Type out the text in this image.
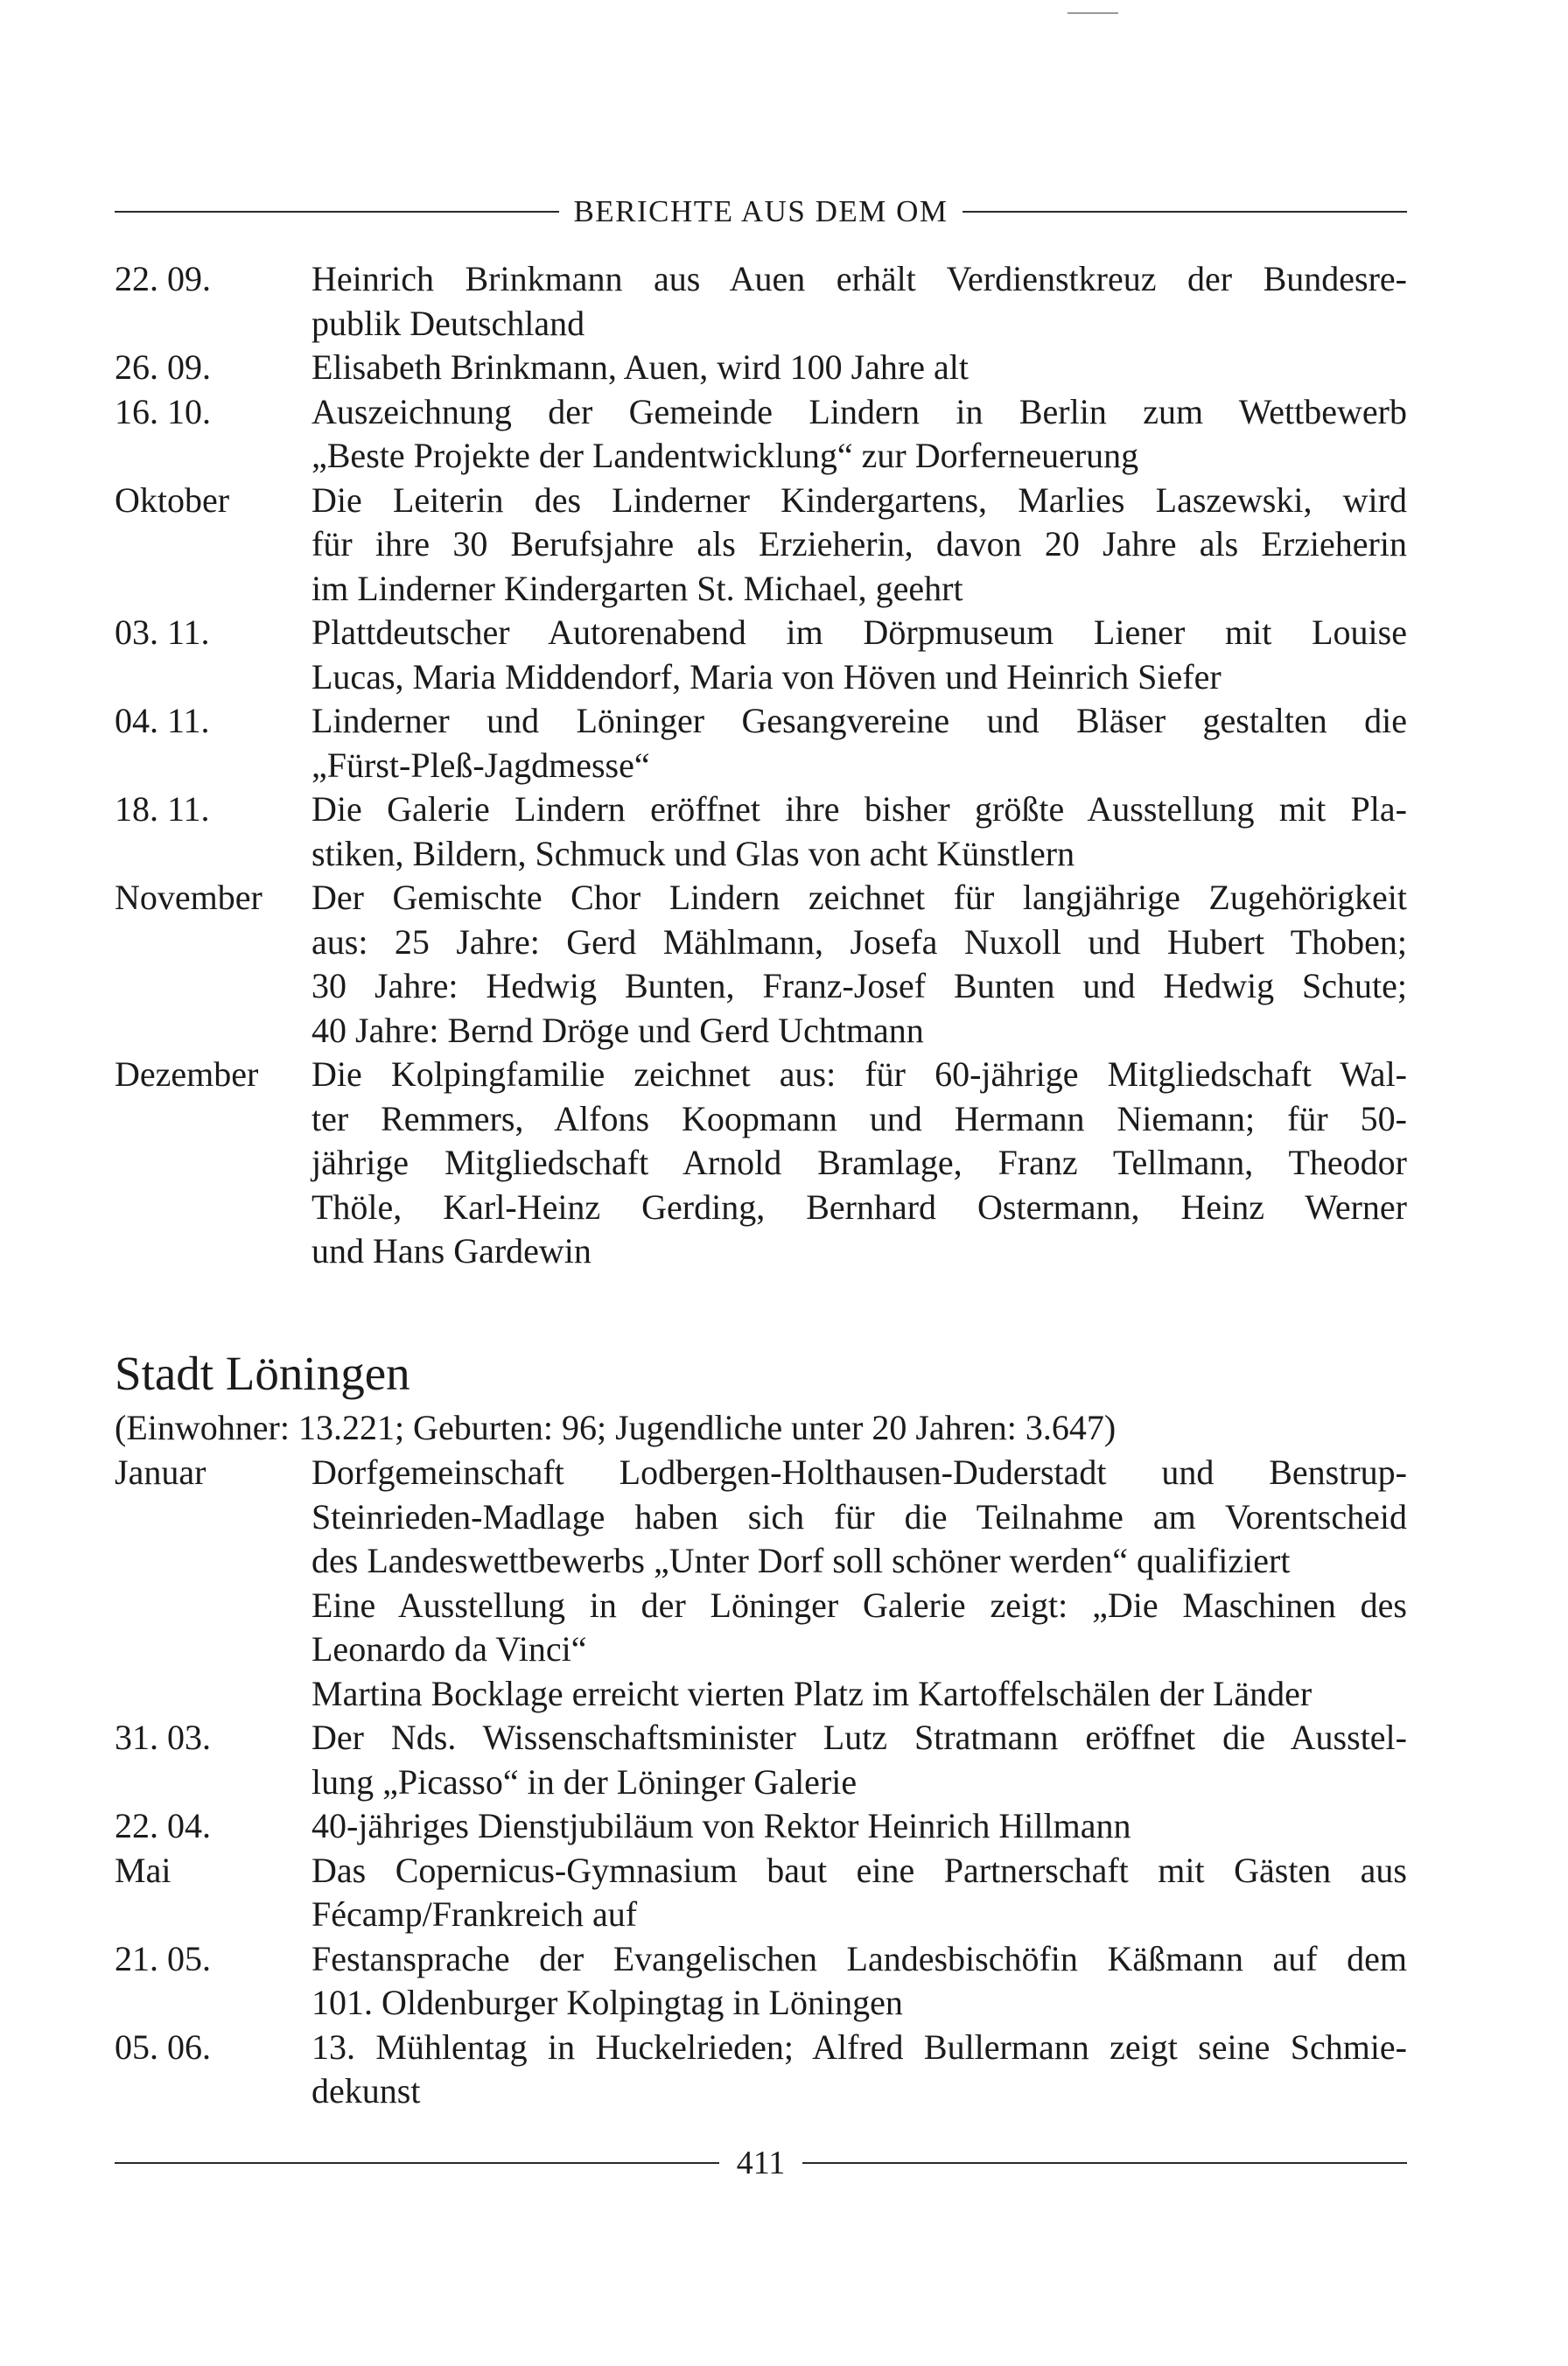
BERICHTE AUS DEM OM
22. 09.	Heinrich Brinkmann aus Auen erhält Verdienstkreuz der Bundesre-
publik Deutschland
26. 09.	Elisabeth Brinkmann, Auen, wird 100 Jahre alt
16. 10.	Auszeichnung der Gemeinde Lindern in Berlin zum Wettbewerb
„Beste Projekte der Landentwicklung“ zur Dorferneuerung
Oktober	Die Leiterin des Linderner Kindergartens, Marlies Laszewski, wird
für ihre 30 Berufsjahre als Erzieherin, davon 20 Jahre als Erzieherin
im Linderner Kindergarten St. Michael, geehrt
03. 11.	Plattdeutscher Autorenabend im Dörpmuseum Liener mit Louise
Lucas, Maria Middendorf, Maria von Höven und Heinrich Siefer
04. 11.	Linderner und Löninger Gesangvereine und Bläser gestalten die
„Fürst-Pleß-Jagdmesse“
18. 11.	Die Galerie Lindern eröffnet ihre bisher größte Ausstellung mit Pla-
stiken, Bildern, Schmuck und Glas von acht Künstlern
November	Der Gemischte Chor Lindern zeichnet für langjährige Zugehörigkeit
aus: 25 Jahre: Gerd Mählmann, Josefa Nuxoll und Hubert Thoben;
30 Jahre: Hedwig Bunten, Franz-Josef Bunten und Hedwig Schute;
40 Jahre: Bernd Dröge und Gerd Uchtmann
Dezember	Die Kolpingfamilie zeichnet aus: für 60-jährige Mitgliedschaft Wal-
ter Remmers, Alfons Koopmann und Hermann Niemann; für 50-
jährige Mitgliedschaft Arnold Bramlage, Franz Tellmann, Theodor
Thöle, Karl-Heinz Gerding, Bernhard Ostermann, Heinz Werner
und Hans Gardewin
Stadt Löningen
(Einwohner: 13.221; Geburten: 96; Jugendliche unter 20 Jahren: 3.647)
Januar	Dorfgemeinschaft Lodbergen-Holthausen-Duderstadt und Benstrup-
Steinrieden-Madlage haben sich für die Teilnahme am Vorentscheid
des Landeswettbewerbs „Unter Dorf soll schöner werden“ qualifiziert
Eine Ausstellung in der Löninger Galerie zeigt: „Die Maschinen des
Leonardo da Vinci“
Martina Bocklage erreicht vierten Platz im Kartoffelschälen der Länder
31. 03.	Der Nds. Wissenschaftsminister Lutz Stratmann eröffnet die Ausstel-
lung „Picasso“ in der Löninger Galerie
22. 04.	40-jähriges Dienstjubiläum von Rektor Heinrich Hillmann
Mai	Das Copernicus-Gymnasium baut eine Partnerschaft mit Gästen aus
Fécamp/Frankreich auf
21. 05.	Festansprache der Evangelischen Landesbischöfin Käßmann auf dem
101. Oldenburger Kolpingtag in Löningen
05. 06.	13. Mühlentag in Huckelrieden; Alfred Bullermann zeigt seine Schmie-
dekunst
411
